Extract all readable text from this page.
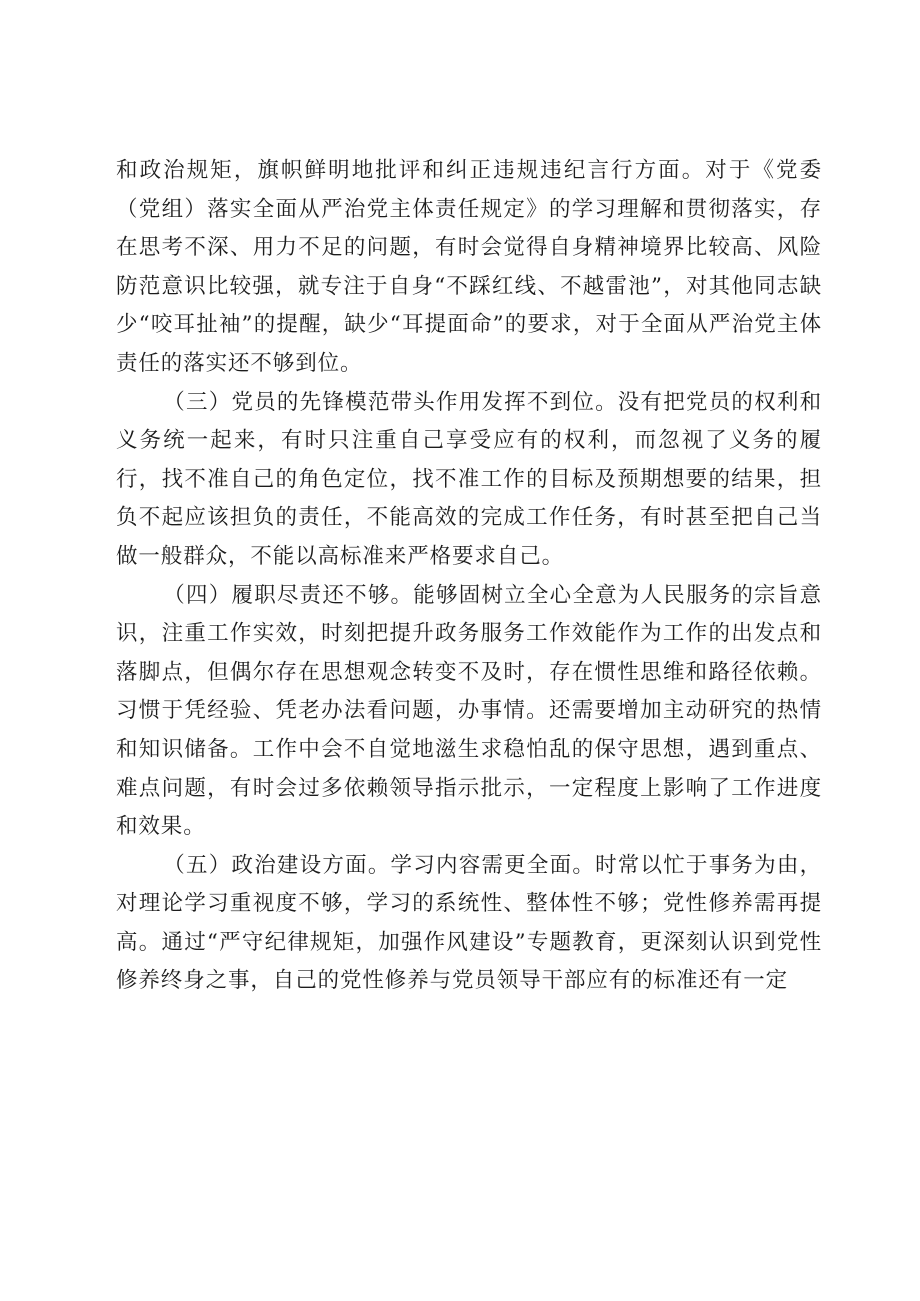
和政治规矩，旗帜鲜明地批评和纠正违规违纪言行方面。对于《党委（党组）落实全面从严治党主体责任规定》的学习理解和贯彻落实，存在思考不深、用力不足的问题，有时会觉得自身精神境界比较高、风险防范意识比较强，就专注于自身“不踩红线、不越雷池”，对其他同志缺少“咬耳扯袖”的提醒，缺少“耳提面命”的要求，对于全面从严治党主体责任的落实还不够到位。

（三）党员的先锋模范带头作用发挥不到位。没有把党员的权利和义务统一起来，有时只注重自己享受应有的权利，而忽视了义务的履行，找不准自己的角色定位，找不准工作的目标及预期想要的结果，担负不起应该担负的责任，不能高效的完成工作任务，有时甚至把自己当做一般群众，不能以高标准来严格要求自己。

（四）履职尽责还不够。能够固树立全心全意为人民服务的宗旨意识，注重工作实效，时刻把提升政务服务工作效能作为工作的出发点和落脚点，但偶尔存在思想观念转变不及时，存在惯性思维和路径依赖。习惯于凭经验、凭老办法看问题，办事情。还需要增加主动研究的热情和知识储备。工作中会不自觉地滋生求稳怕乱的保守思想，遇到重点、难点问题，有时会过多依赖领导指示批示，一定程度上影响了工作进度和效果。

（五）政治建设方面。学习内容需更全面。时常以忙于事务为由，对理论学习重视度不够，学习的系统性、整体性不够；党性修养需再提高。通过“严守纪律规矩，加强作风建设”专题教育，更深刻认识到党性修养终身之事，自己的党性修养与党员领导干部应有的标准还有一定
